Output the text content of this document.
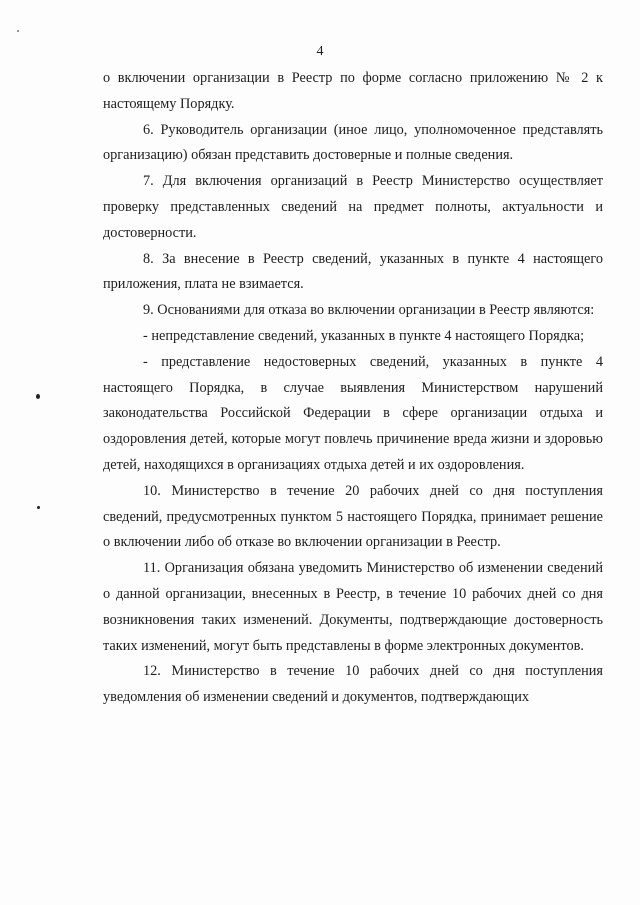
4

о включении организации в Реестр по форме согласно приложению № 2 к настоящему Порядку.

6. Руководитель организации (иное лицо, уполномоченное представлять организацию) обязан представить достоверные и полные сведения.

7. Для включения организаций в Реестр Министерство осуществляет проверку представленных сведений на предмет полноты, актуальности и достоверности.

8. За внесение в Реестр сведений, указанных в пункте 4 настоящего приложения, плата не взимается.

9. Основаниями для отказа во включении организации в Реестр являются:

- непредставление сведений, указанных в пункте 4 настоящего Порядка;

- представление недостоверных сведений, указанных в пункте 4 настоящего Порядка, в случае выявления Министерством нарушений законодательства Российской Федерации в сфере организации отдыха и оздоровления детей, которые могут повлечь причинение вреда жизни и здоровью детей, находящихся в организациях отдыха детей и их оздоровления.

10. Министерство в течение 20 рабочих дней со дня поступления сведений, предусмотренных пунктом 5 настоящего Порядка, принимает решение о включении либо об отказе во включении организации в Реестр.

11. Организация обязана уведомить Министерство об изменении сведений о данной организации, внесенных в Реестр, в течение 10 рабочих дней со дня возникновения таких изменений. Документы, подтверждающие достоверность таких изменений, могут быть представлены в форме электронных документов.

12. Министерство в течение 10 рабочих дней со дня поступления уведомления об изменении сведений и документов, подтверждающих
